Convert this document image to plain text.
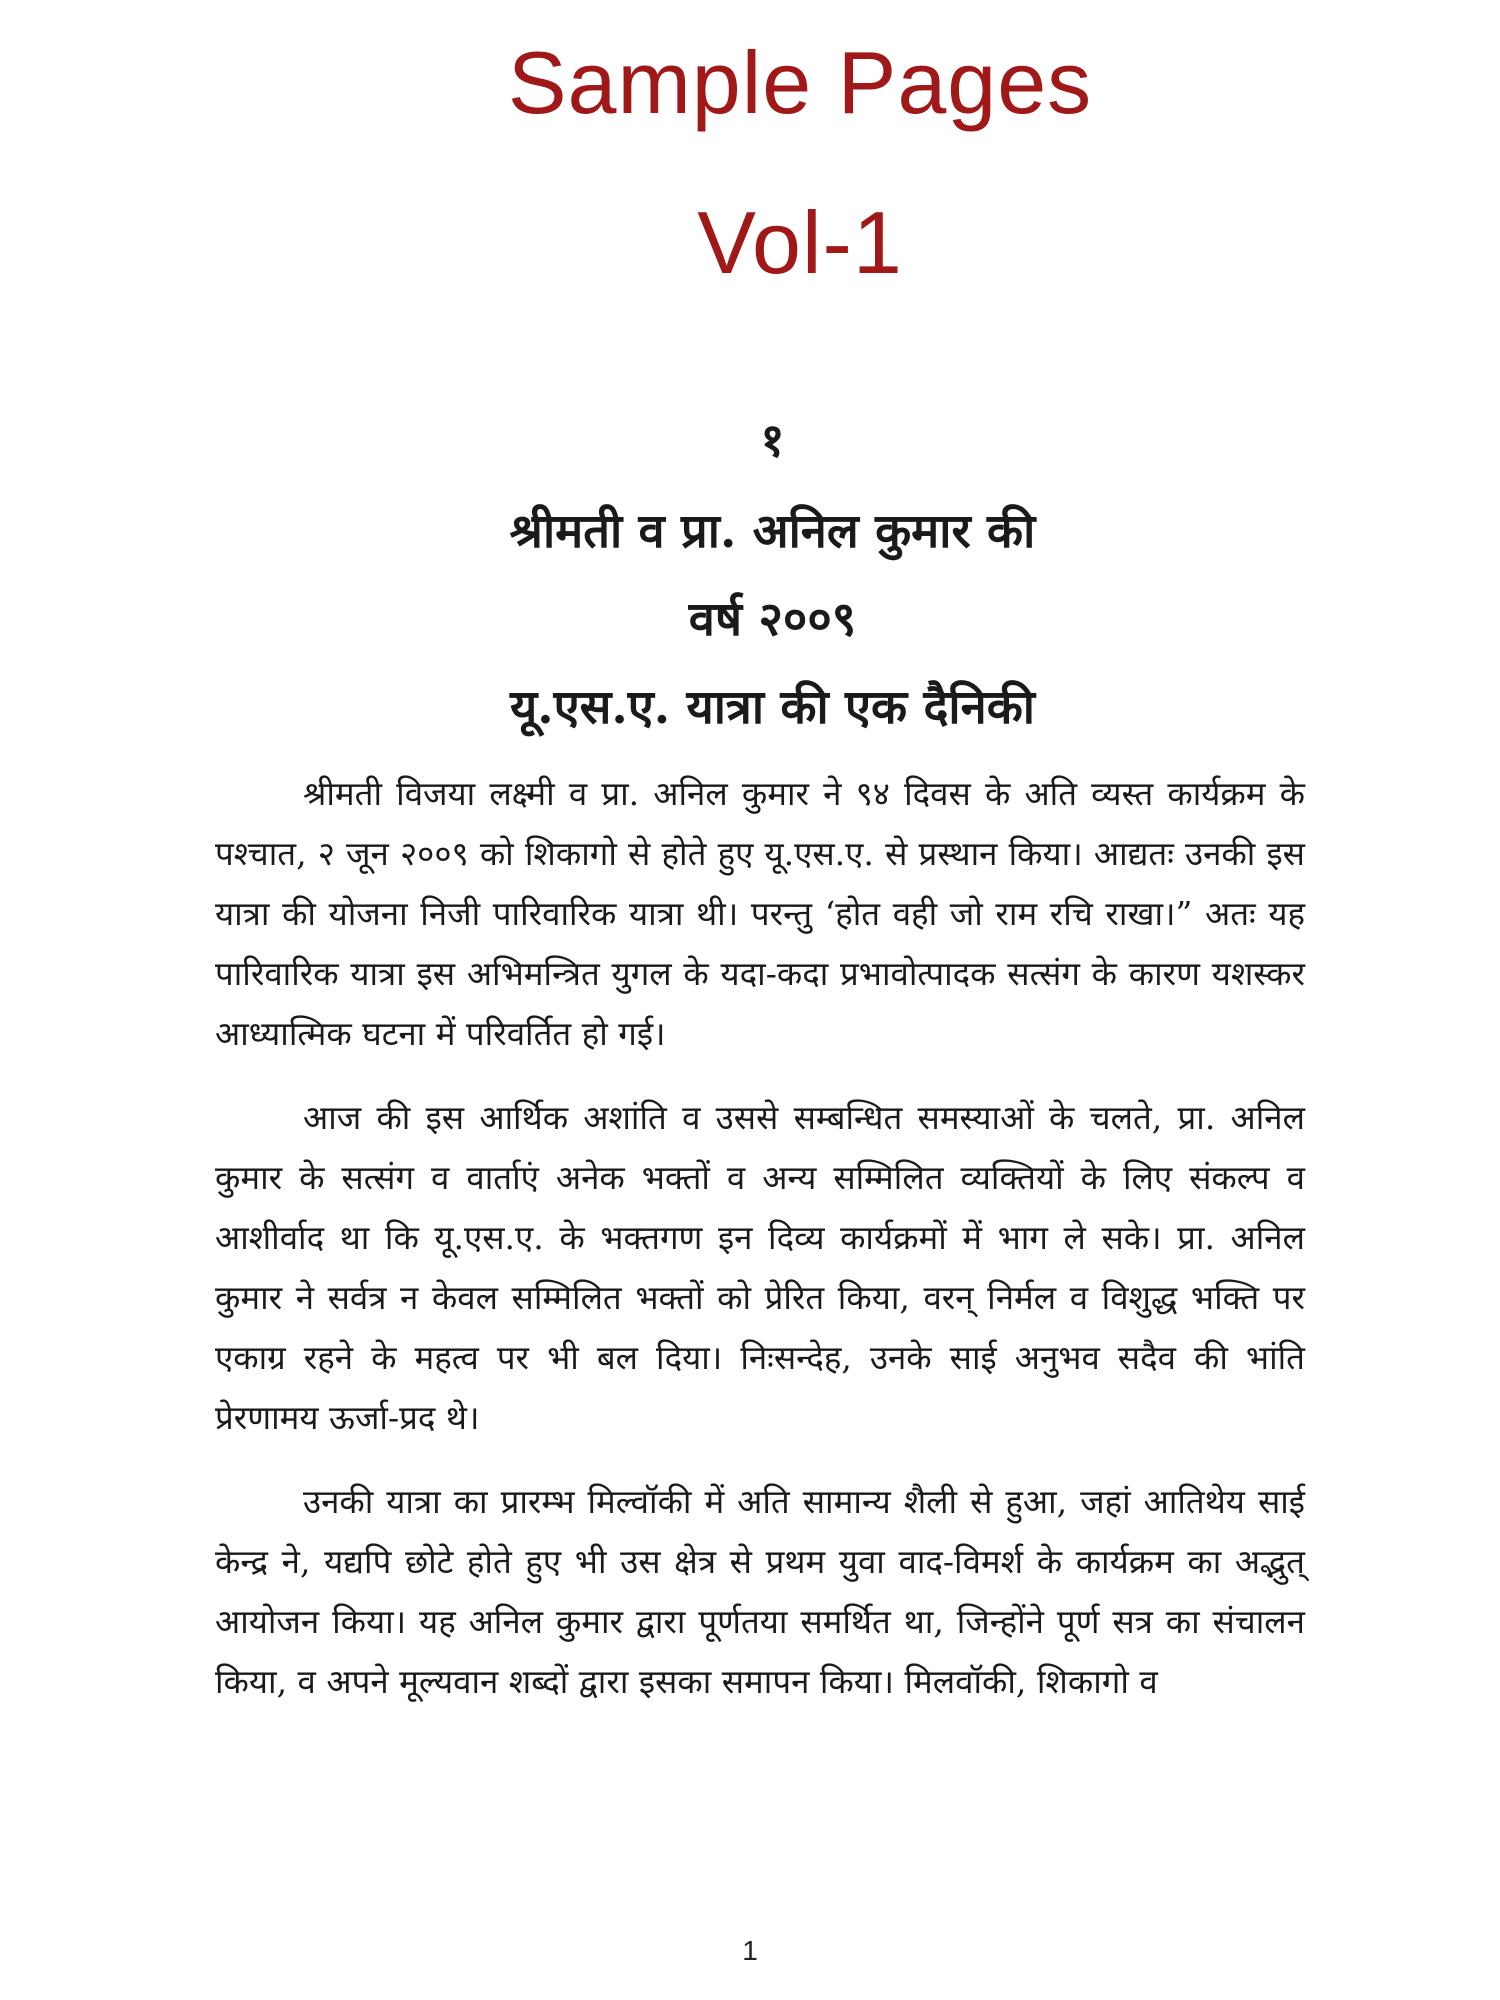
Sample Pages
Vol-1
१
श्रीमती व प्रा. अनिल कुमार की
वर्ष २००९
यू.एस.ए. यात्रा की एक दैनिकी

श्रीमती विजया लक्ष्मी व प्रा. अनिल कुमार ने ९४ दिवस के अति व्यस्त कार्यक्रम के पश्चात, २ जून २००९ को शिकागो से होते हुए यू.एस.ए. से प्रस्थान किया। आद्यतः उनकी इस यात्रा की योजना निजी पारिवारिक यात्रा थी। परन्तु ‘होत वही जो राम रचि राखा।” अतः यह पारिवारिक यात्रा इस अभिमन्त्रित युगल के यदा-कदा प्रभावोत्पादक सत्संग के कारण यशस्कर आध्यात्मिक घटना में परिवर्तित हो गई।

आज की इस आर्थिक अशांति व उससे सम्बन्धित समस्याओं के चलते, प्रा. अनिल कुमार के सत्संग व वार्ताएं अनेक भक्तों व अन्य सम्मिलित व्यक्तियों के लिए संकल्प व आशीर्वाद था कि यू.एस.ए. के भक्तगण इन दिव्य कार्यक्रमों में भाग ले सके। प्रा. अनिल कुमार ने सर्वत्र न केवल सम्मिलित भक्तों को प्रेरित किया, वरन् निर्मल व विशुद्ध भक्ति पर एकाग्र रहने के महत्व पर भी बल दिया। निःसन्देह, उनके साई अनुभव सदैव की भांति प्रेरणामय ऊर्जा-प्रद थे।

उनकी यात्रा का प्रारम्भ मिल्वॉकी में अति सामान्य शैली से हुआ, जहां आतिथेय साई केन्द्र ने, यद्यपि छोटे होते हुए भी उस क्षेत्र से प्रथम युवा वाद-विमर्श के कार्यक्रम का अद्भुत् आयोजन किया। यह अनिल कुमार द्वारा पूर्णतया समर्थित था, जिन्होंने पूर्ण सत्र का संचालन किया, व अपने मूल्यवान शब्दों द्वारा इसका समापन किया। मिलवॉकी, शिकागो व

1
